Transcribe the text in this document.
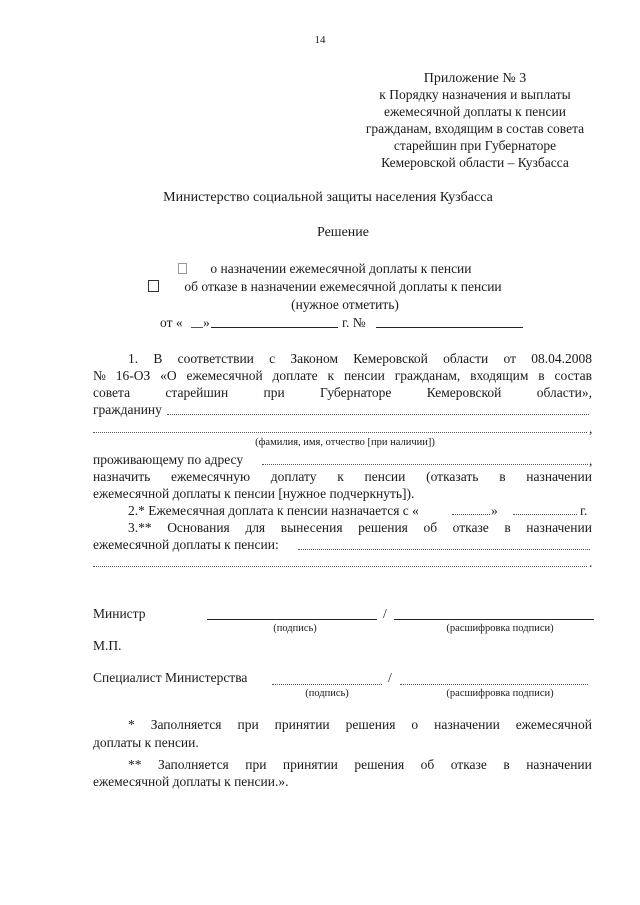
14
Приложение № 3
к Порядку назначения и выплаты
ежемесячной доплаты к пенсии
гражданам, входящим в состав совета
старейшин при Губернаторе
Кемеровской области – Кузбасса
Министерство социальной защиты населения Кузбасса
Решение
о назначении ежемесячной доплаты к пенсии
об отказе в назначении ежемесячной доплаты к пенсии
(нужное отметить)
от « »	г. №
1. В соответствии с Законом Кемеровской области от 08.04.2008
№ 16-ОЗ «О ежемесячной доплате к пенсии гражданам, входящим в состав
совета	старейшин	при	Губернаторе	Кемеровской	области»,
гражданину
,
(фамилия, имя, отчество [при наличии])
проживающему по адресу	,
назначить ежемесячную доплату к пенсии (отказать в назначении
ежемесячной доплаты к пенсии [нужное подчеркнуть]).
2.* Ежемесячная доплата к пенсии назначается с «	»	г.
3.** Основания для вынесения решения об отказе в назначении
ежемесячной доплаты к пенсии:
.
Министр	/
(подпись)	(расшифровка подписи)
М.П.
Специалист Министерства	/
(подпись)	(расшифровка подписи)
* Заполняется при принятии решения о назначении ежемесячной
доплаты к пенсии.
** Заполняется при принятии решения об отказе в назначении
ежемесячной доплаты к пенсии.».
